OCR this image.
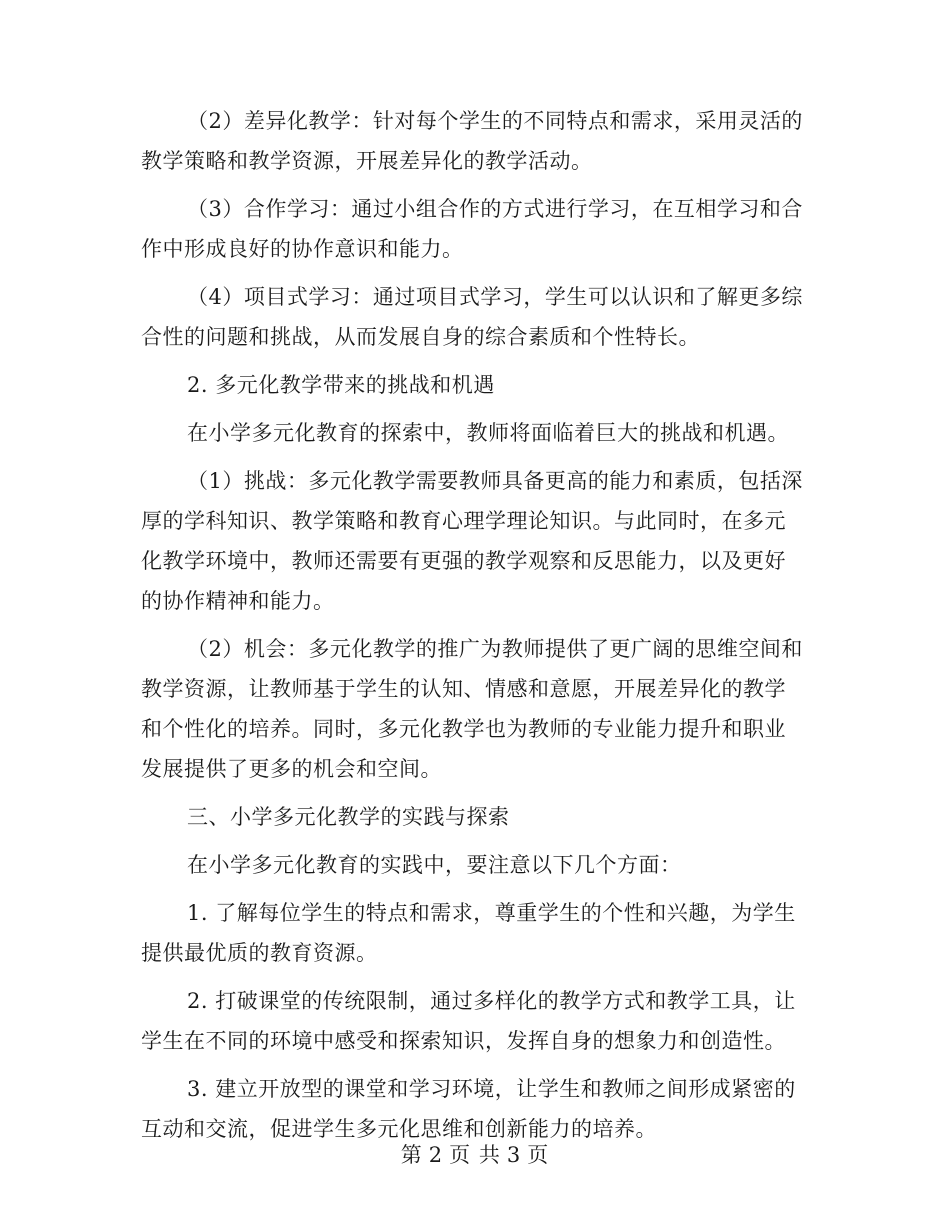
（2）差异化教学：针对每个学生的不同特点和需求，采用灵活的
教学策略和教学资源，开展差异化的教学活动。
（3）合作学习：通过小组合作的方式进行学习，在互相学习和合
作中形成良好的协作意识和能力。
（4）项目式学习：通过项目式学习，学生可以认识和了解更多综
合性的问题和挑战，从而发展自身的综合素质和个性特长。
2. 多元化教学带来的挑战和机遇
在小学多元化教育的探索中，教师将面临着巨大的挑战和机遇。
（1）挑战：多元化教学需要教师具备更高的能力和素质，包括深
厚的学科知识、教学策略和教育心理学理论知识。与此同时，在多元
化教学环境中，教师还需要有更强的教学观察和反思能力，以及更好
的协作精神和能力。
（2）机会：多元化教学的推广为教师提供了更广阔的思维空间和
教学资源，让教师基于学生的认知、情感和意愿，开展差异化的教学
和个性化的培养。同时，多元化教学也为教师的专业能力提升和职业
发展提供了更多的机会和空间。
三、小学多元化教学的实践与探索
在小学多元化教育的实践中，要注意以下几个方面：
1. 了解每位学生的特点和需求，尊重学生的个性和兴趣，为学生
提供最优质的教育资源。
2. 打破课堂的传统限制，通过多样化的教学方式和教学工具，让
学生在不同的环境中感受和探索知识，发挥自身的想象力和创造性。
3. 建立开放型的课堂和学习环境，让学生和教师之间形成紧密的
互动和交流，促进学生多元化思维和创新能力的培养。
第 2 页 共 3 页
